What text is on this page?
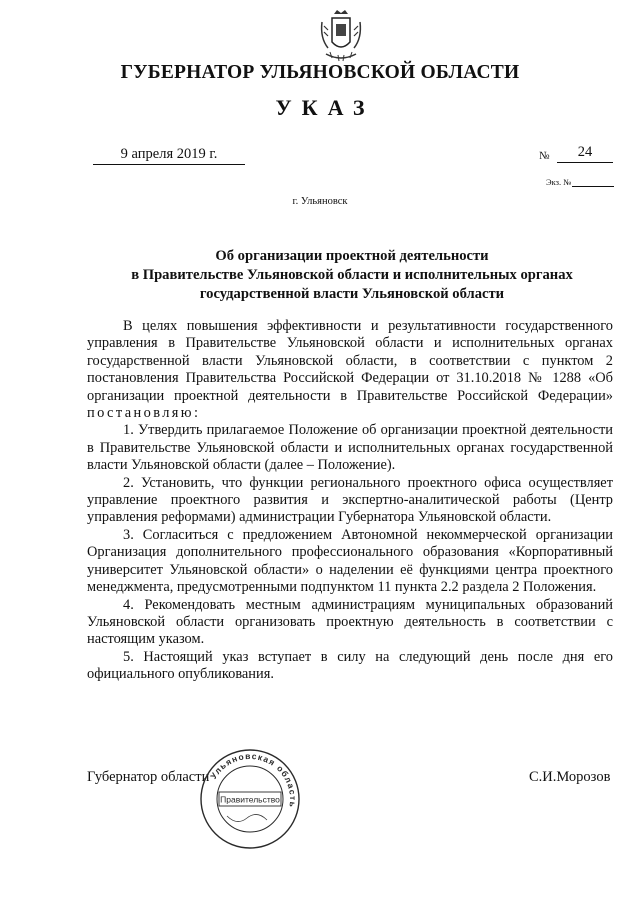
ГУБЕРНАТОР УЛЬЯНОВСКОЙ ОБЛАСТИ
УКАЗ
9 апреля 2019 г.	№	24
Экз. №
г. Ульяновск
Об организации проектной деятельности
в Правительстве Ульяновской области и исполнительных органах
государственной власти Ульяновской области

В целях повышения эффективности и результативности государственного управления в Правительстве Ульяновской области и исполнительных органах государственной власти Ульяновской области, в соответствии с пунктом 2 постановления Правительства Российской Федерации от 31.10.2018 № 1288 «Об организации проектной деятельности в Правительстве Российской Федерации» постановляю:

1. Утвердить прилагаемое Положение об организации проектной деятельности в Правительстве Ульяновской области и исполнительных органах государственной власти Ульяновской области (далее – Положение).

2. Установить, что функции регионального проектного офиса осуществляет управление проектного развития и экспертно-аналитической работы (Центр управления реформами) администрации Губернатора Ульяновской области.

3. Согласиться с предложением Автономной некоммерческой организации Организация дополнительного профессионального образования «Корпоративный университет Ульяновской области» о наделении её функциями центра проектного менеджмента, предусмотренными подпунктом 11 пункта 2.2 раздела 2 Положения.

4. Рекомендовать местным администрациям муниципальных образований Ульяновской области организовать проектную деятельность в соответствии с настоящим указом.

5. Настоящий указ вступает в силу на следующий день после дня его официального опубликования.

Губернатор области	С.И.Морозов
Ульяновская область
Правительство
